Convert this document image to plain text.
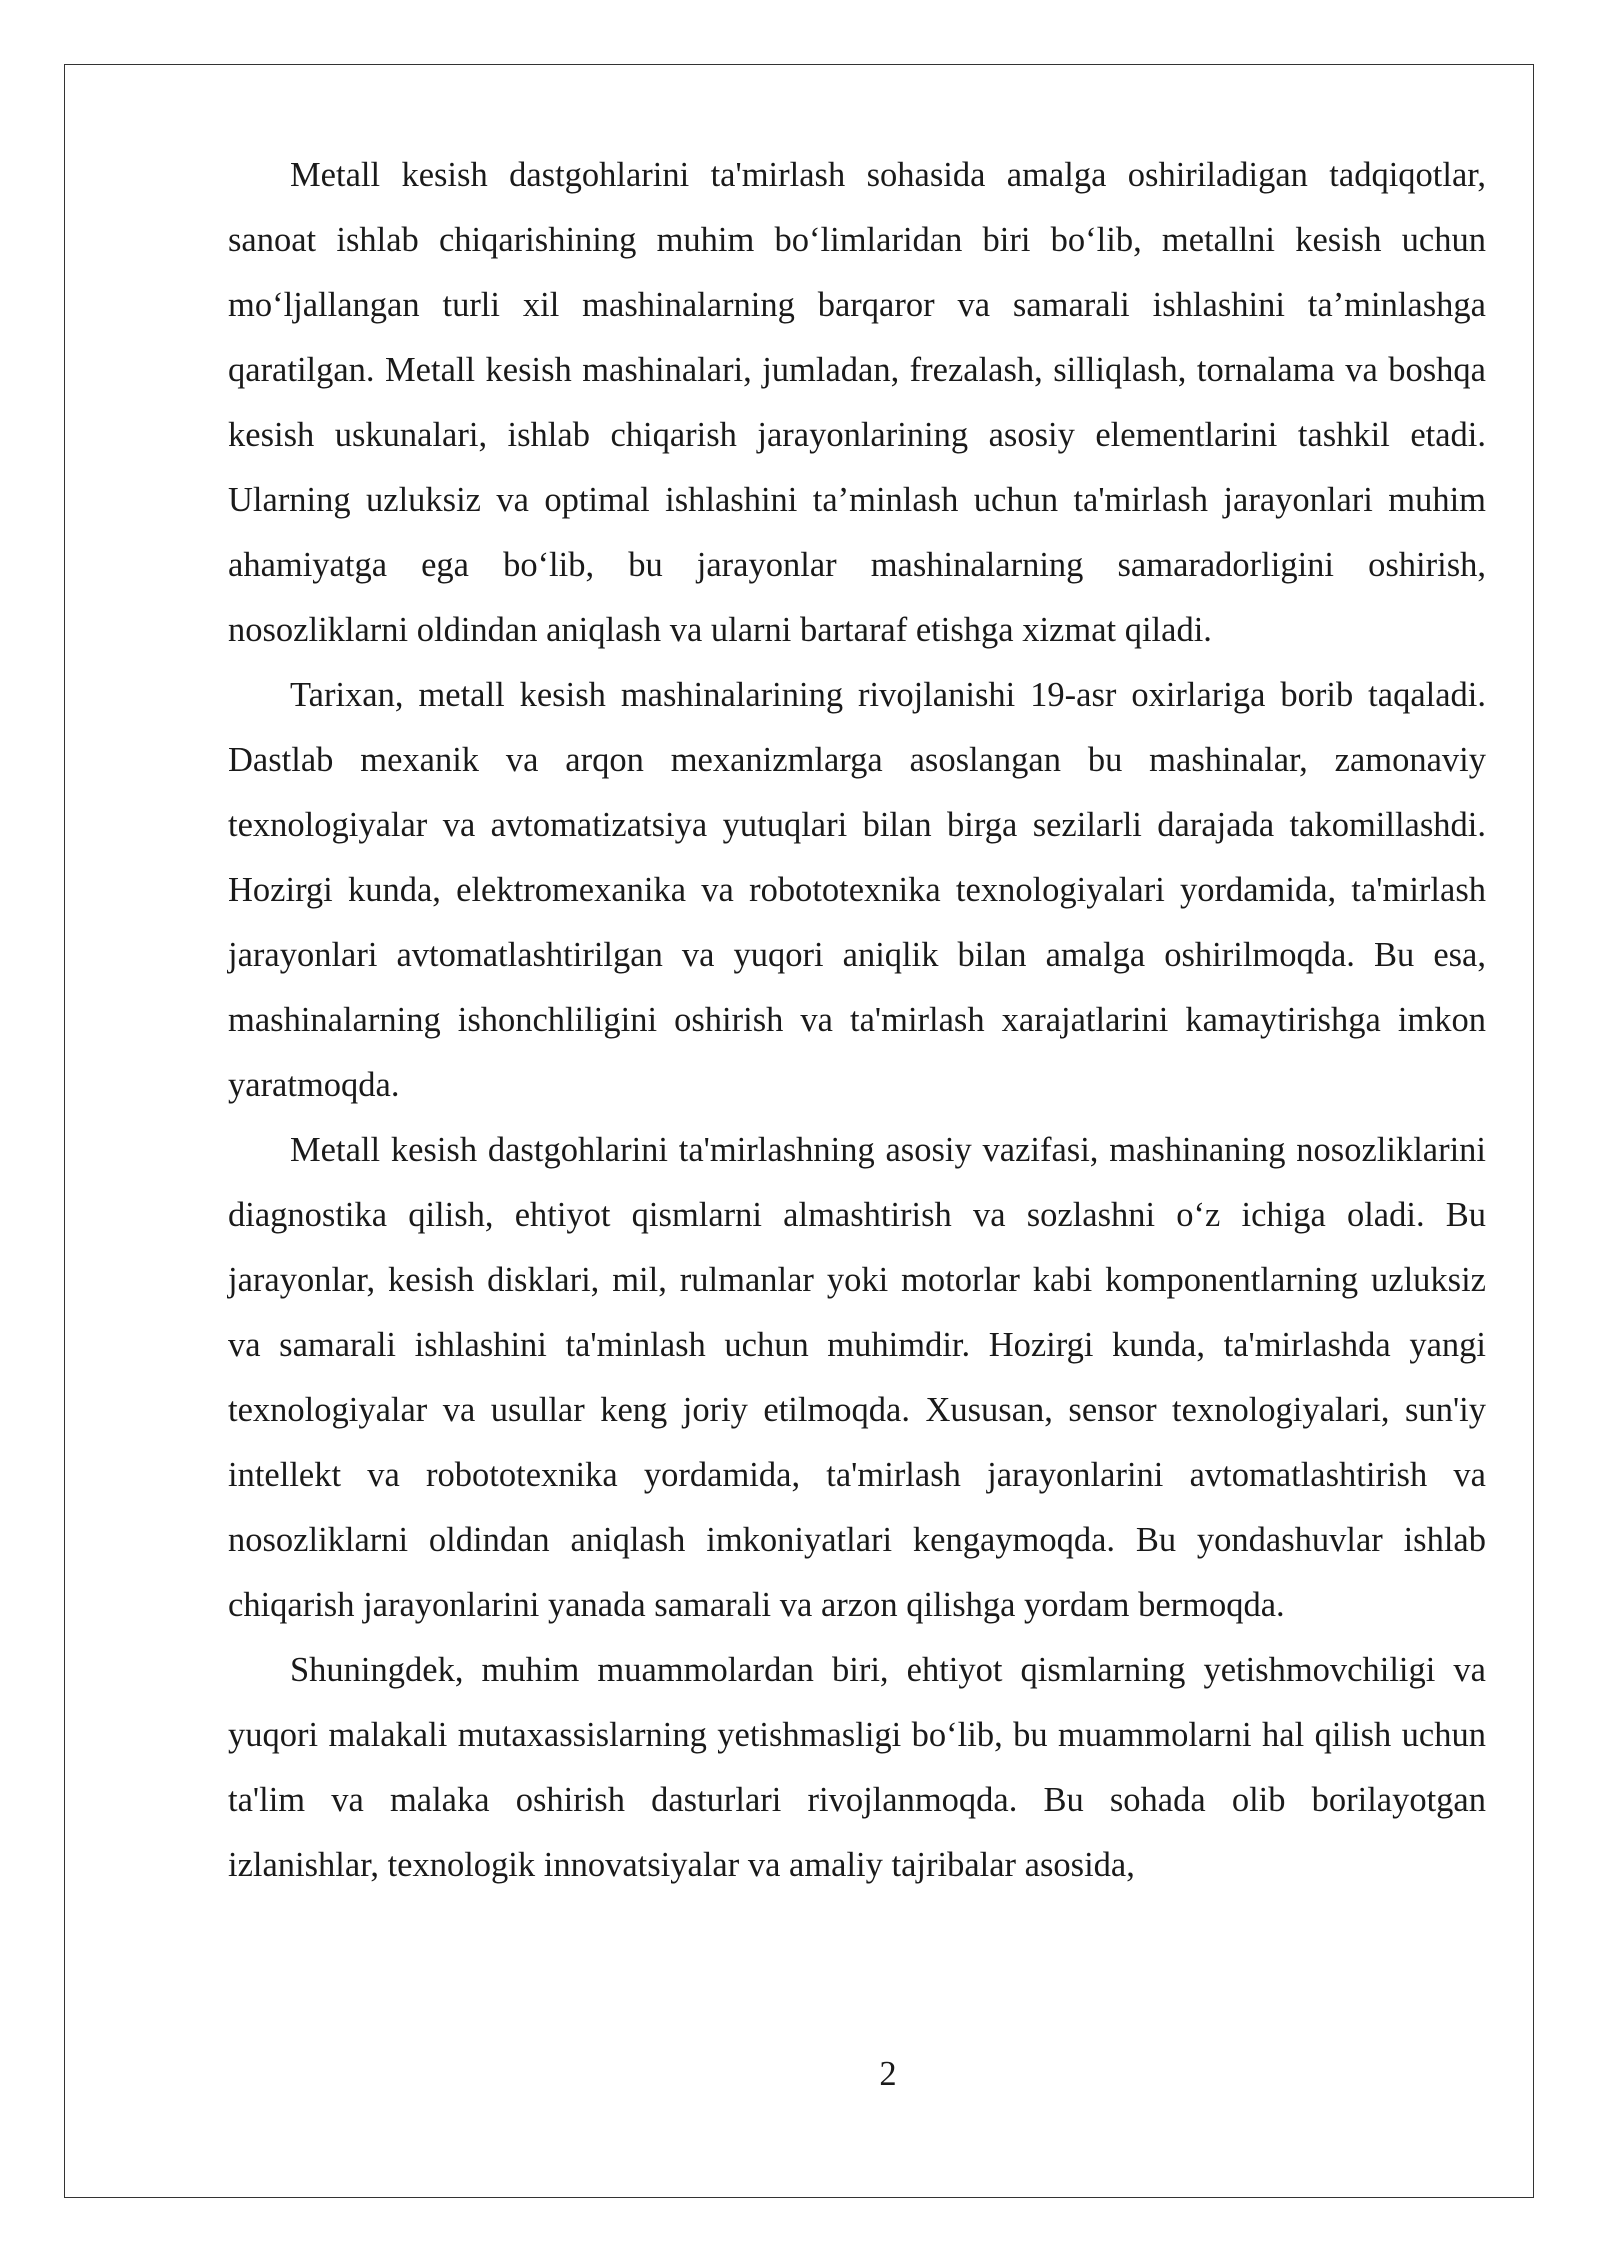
Metall kesish dastgohlarini ta'mirlash sohasida amalga oshiriladigan tadqiqotlar, sanoat ishlab chiqarishining muhim bo‘limlaridan biri bo‘lib, metallni kesish uchun mo‘ljallangan turli xil mashinalarning barqaror va samarali ishlashini ta’minlashga qaratilgan. Metall kesish mashinalari, jumladan, frezalash, silliqlash, tornalama va boshqa kesish uskunalari, ishlab chiqarish jarayonlarining asosiy elementlarini tashkil etadi. Ularning uzluksiz va optimal ishlashini ta’minlash uchun ta'mirlash jarayonlari muhim ahamiyatga ega bo‘lib, bu jarayonlar mashinalarning samaradorligini oshirish, nosozliklarni oldindan aniqlash va ularni bartaraf etishga xizmat qiladi.

Tarixan, metall kesish mashinalarining rivojlanishi 19-asr oxirlariga borib taqaladi. Dastlab mexanik va arqon mexanizmlarga asoslangan bu mashinalar, zamonaviy texnologiyalar va avtomatizatsiya yutuqlari bilan birga sezilarli darajada takomillashdi. Hozirgi kunda, elektromexanika va robototexnika texnologiyalari yordamida, ta'mirlash jarayonlari avtomatlashtirilgan va yuqori aniqlik bilan amalga oshirilmoqda. Bu esa, mashinalarning ishonchliligini oshirish va ta'mirlash xarajatlarini kamaytirishga imkon yaratmoqda.

Metall kesish dastgohlarini ta'mirlashning asosiy vazifasi, mashinaning nosozliklarini diagnostika qilish, ehtiyot qismlarni almashtirish va sozlashni o‘z ichiga oladi. Bu jarayonlar, kesish disklari, mil, rulmanlar yoki motorlar kabi komponentlarning uzluksiz va samarali ishlashini ta'minlash uchun muhimdir. Hozirgi kunda, ta'mirlashda yangi texnologiyalar va usullar keng joriy etilmoqda. Xususan, sensor texnologiyalari, sun'iy intellekt va robototexnika yordamida, ta'mirlash jarayonlarini avtomatlashtirish va nosozliklarni oldindan aniqlash imkoniyatlari kengaymoqda. Bu yondashuvlar ishlab chiqarish jarayonlarini yanada samarali va arzon qilishga yordam bermoqda.

Shuningdek, muhim muammolardan biri, ehtiyot qismlarning yetishmovchiligi va yuqori malakali mutaxassislarning yetishmasligi bo‘lib, bu muammolarni hal qilish uchun ta'lim va malaka oshirish dasturlari rivojlanmoqda. Bu sohada olib borilayotgan izlanishlar, texnologik innovatsiyalar va amaliy tajribalar asosida,

2
